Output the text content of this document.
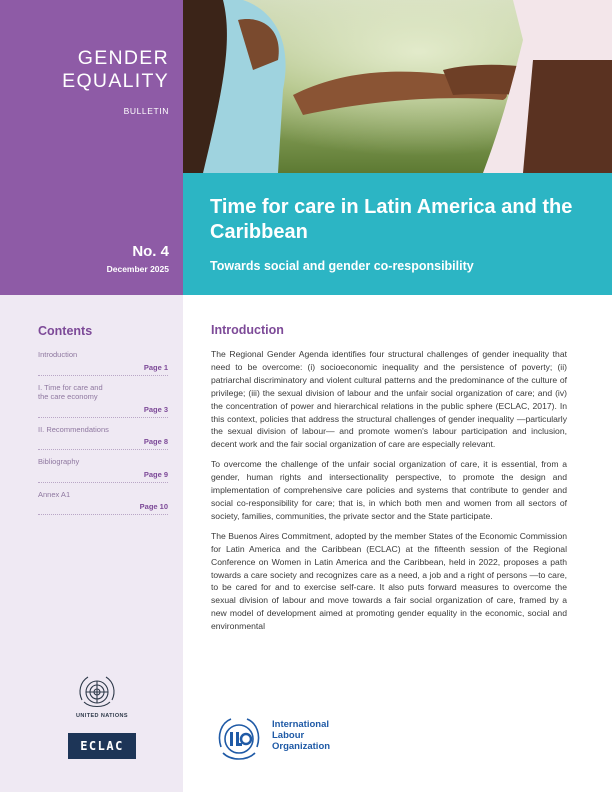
GENDER
EQUALITY
BULLETIN
No. 4
December 2025
Contents
Introduction
Page 1
I. Time for care and
the care economy
Page 3
II. Recommendations
Page 8
Bibliography
Page 9
Annex A1
Page 10
UNITED NATIONS
ECLAC
Time for care in Latin America and the Caribbean
Towards social and gender co-responsibility
Introduction

The Regional Gender Agenda identifies four structural challenges of gender inequality that need to be overcome: (i) socioeconomic inequality and the persistence of poverty; (ii) patriarchal discriminatory and violent cultural patterns and the predominance of the culture of privilege; (iii) the sexual division of labour and the unfair social organization of care; and (iv) the concentration of power and hierarchical relations in the public sphere (ECLAC, 2017). In this context, policies that address the structural challenges of gender inequality —particularly the sexual division of labour— and promote women's labour participation and inclusion, decent work and the fair social organization of care are especially relevant.

To overcome the challenge of the unfair social organization of care, it is essential, from a gender, human rights and intersectionality perspective, to promote the design and implementation of comprehensive care policies and systems that contribute to gender and social co-responsibility for care; that is, in which both men and women from all sectors of society, families, communities, the private sector and the State participate.

The Buenos Aires Commitment, adopted by the member States of the Economic Commission for Latin America and the Caribbean (ECLAC) at the fifteenth session of the Regional Conference on Women in Latin America and the Caribbean, held in 2022, proposes a path towards a care society and recognizes care as a need, a job and a right of persons —to care, to be cared for and to exercise self-care. It also puts forward measures to overcome the sexual division of labour and move towards a fair social organization of care, framed by a new model of development aimed at promoting gender equality in the economic, social and environmental

International
Labour
Organization
